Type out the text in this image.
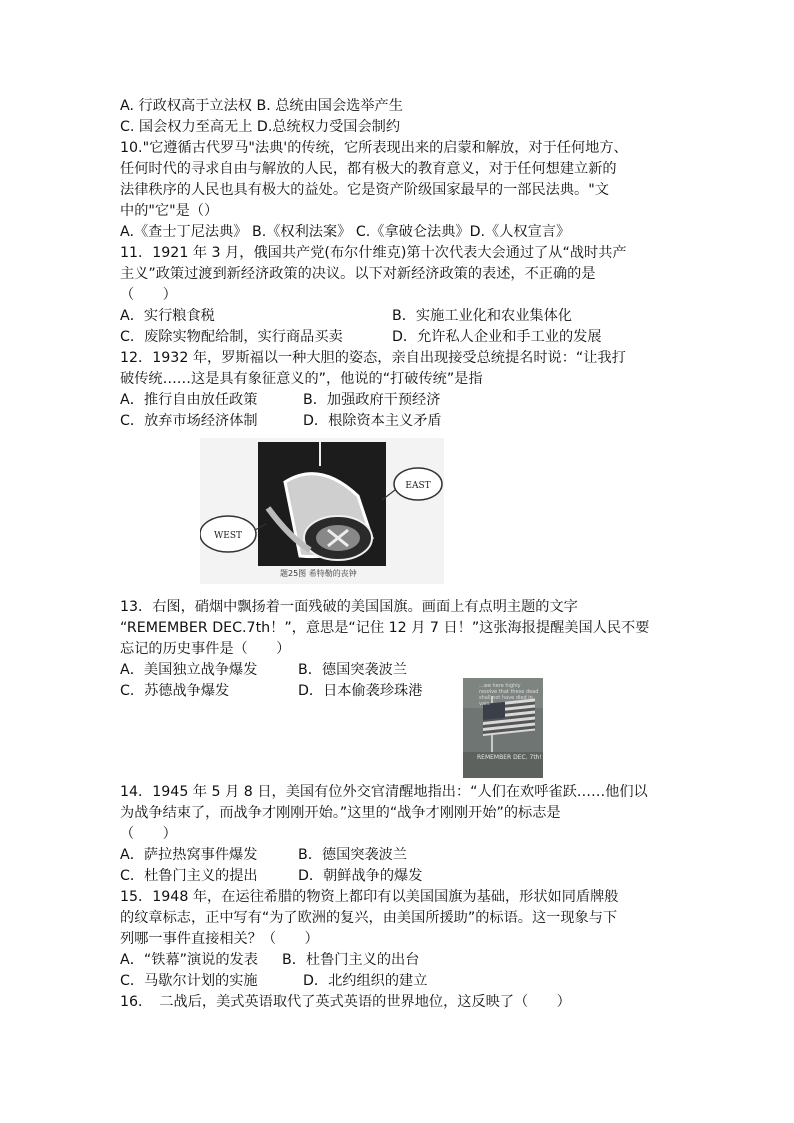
A. 行政权高于立法权 B. 总统由国会选举产生
C. 国会权力至高无上 D.总统权力受国会制约
10."它遵循古代罗马"法典'的传统，它所表现出来的启蒙和解放，对于任何地方、
任何时代的寻求自由与解放的人民，都有极大的教育意义，对于任何想建立新的
法律秩序的人民也具有极大的益处。它是资产阶级国家最早的一部民法典。"文
中的"它"是（）
A.《查士丁尼法典》 B.《权利法案》 C.《拿破仑法典》D.《人权宣言》
11．1921 年 3 月，俄国共产党(布尔什维克)第十次代表大会通过了从“战时共产
主义”政策过渡到新经济政策的决议。以下对新经济政策的表述，不正确的是
（　　）
A．实行粮食税	B．实施工业化和农业集体化
C．废除实物配给制，实行商品买卖	D．允许私人企业和手工业的发展
12．1932 年，罗斯福以一种大胆的姿态，亲自出现接受总统提名时说：“让我打
破传统……这是具有象征意义的”，他说的“打破传统”是指
A．推行自由放任政策	B．加强政府干预经济
C．放弃市场经济体制	D．根除资本主义矛盾
EAST
WEST
题25图 希特勒的丧钟
13．右图，硝烟中飘扬着一面残破的美国国旗。画面上有点明主题的文字
“REMEMBER DEC.7th！”，意思是“记住 12 月 7 日！”这张海报提醒美国人民不要
忘记的历史事件是（　　）
A．美国独立战争爆发	B．德国突袭波兰
C．苏德战争爆发	D．日本偷袭珍珠港	...we here highly resolve that these dead shall not have died in vain
REMEMBER DEC. 7th!
14．1945 年 5 月 8 日，美国有位外交官清醒地指出：“人们在欢呼雀跃……他们以
为战争结束了，而战争才刚刚开始。”这里的“战争才刚刚开始”的标志是
（　　）
A．萨拉热窝事件爆发	B．德国突袭波兰
C．杜鲁门主义的提出	D．朝鲜战争的爆发
15．1948 年，在运往希腊的物资上都印有以美国国旗为基础，形状如同盾牌般
的纹章标志，正中写有“为了欧洲的复兴，由美国所援助”的标语。这一现象与下
列哪一事件直接相关？（　　）
A．“铁幕”演说的发表 B．杜鲁门主义的出台
C．马歇尔计划的实施	D．北约组织的建立
16．　二战后，美式英语取代了英式英语的世界地位，这反映了（　　）
